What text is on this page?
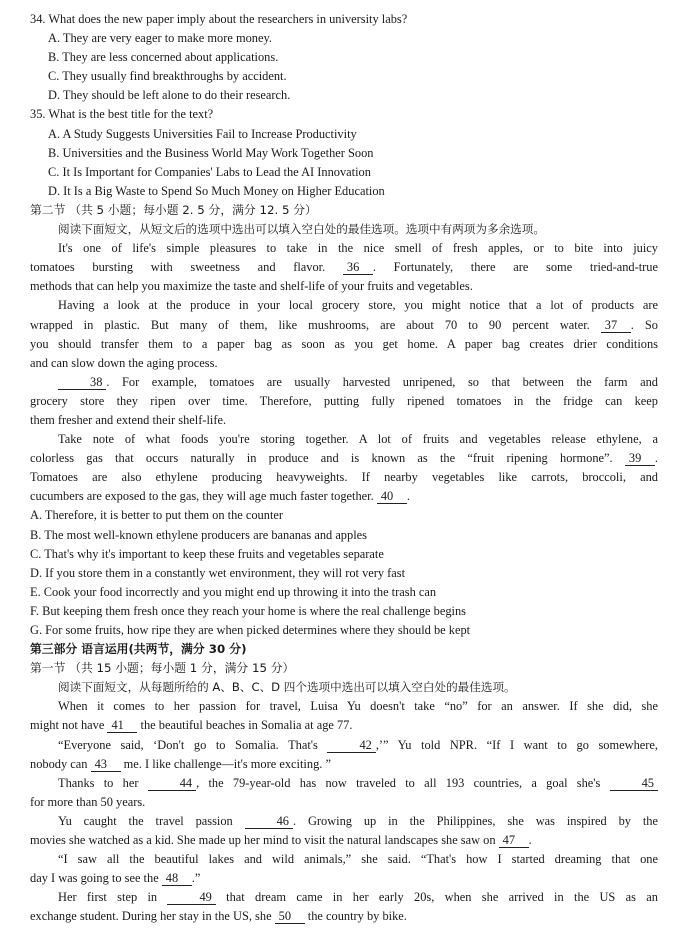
34. What does the new paper imply about the researchers in university labs?
A. They are very eager to make more money.
B. They are less concerned about applications.
C. They usually find breakthroughs by accident.
D. They should be left alone to do their research.
35. What is the best title for the text?
A. A Study Suggests Universities Fail to Increase Productivity
B. Universities and the Business World May Work Together Soon
C. It Is Important for Companies' Labs to Lead the AI Innovation
D. It Is a Big Waste to Spend So Much Money on Higher Education
第二节 （共 5 小题；每小题 2. 5 分，满分 12. 5 分）
阅读下面短文，从短文后的选项中选出可以填入空白处的最佳选项。选项中有两项为多余选项。
It's one of life's simple pleasures to take in the nice smell of fresh apples, or to bite into juicy
tomatoes bursting with sweetness and flavor. 36 . Fortunately, there are some tried-and-true
methods that can help you maximize the taste and shelf-life of your fruits and vegetables.
Having a look at the produce in your local grocery store, you might notice that a lot of products are
wrapped in plastic. But many of them, like mushrooms, are about 70 to 90 percent water. 37 . So
you should transfer them to a paper bag as soon as you get home. A paper bag creates drier conditions
and can slow down the aging process.
38 . For example, tomatoes are usually harvested unripened, so that between the farm and
grocery store they ripen over time. Therefore, putting fully ripened tomatoes in the fridge can keep
them fresher and extend their shelf-life.
Take note of what foods you're storing together. A lot of fruits and vegetables release ethylene, a
colorless gas that occurs naturally in produce and is known as the “fruit ripening hormone”. 39 .
Tomatoes are also ethylene producing heavyweights. If nearby vegetables like carrots, broccoli, and
cucumbers are exposed to the gas, they will age much faster together. 40 .
A. Therefore, it is better to put them on the counter
B. The most well-known ethylene producers are bananas and apples
C. That's why it's important to keep these fruits and vegetables separate
D. If you store them in a constantly wet environment, they will rot very fast
E. Cook your food incorrectly and you might end up throwing it into the trash can
F. But keeping them fresh once they reach your home is where the real challenge begins
G. For some fruits, how ripe they are when picked determines where they should be kept
第三部分 语言运用(共两节，满分 30 分)
第一节 （共 15 小题；每小题 1 分，满分 15 分）
阅读下面短文，从每题所给的 A、B、C、D 四个选项中选出可以填入空白处的最佳选项。
When it comes to her passion for travel, Luisa Yu doesn't take “no” for an answer. If she did, she
might not have 41 the beautiful beaches in Somalia at age 77.
“Everyone said, ‘Don't go to Somalia. That's	42 ,’” Yu told NPR. “If I want to go somewhere,
nobody can 43 me. I like challenge—it's more exciting. ”
Thanks to her	44 , the 79-year-old has now traveled to all 193 countries, a goal she's	45
for more than 50 years.
Yu caught the travel passion	46 . Growing up in the Philippines, she was inspired by the
movies she watched as a kid. She made up her mind to visit the natural landscapes she saw on 47 .
“I saw all the beautiful lakes and wild animals,” she said. “That's how I started dreaming that one
day I was going to see the 48 .”
Her first step in	49 that dream came in her early 20s, when she arrived in the US as an
exchange student. During her stay in the US, she 50 the country by bike.
